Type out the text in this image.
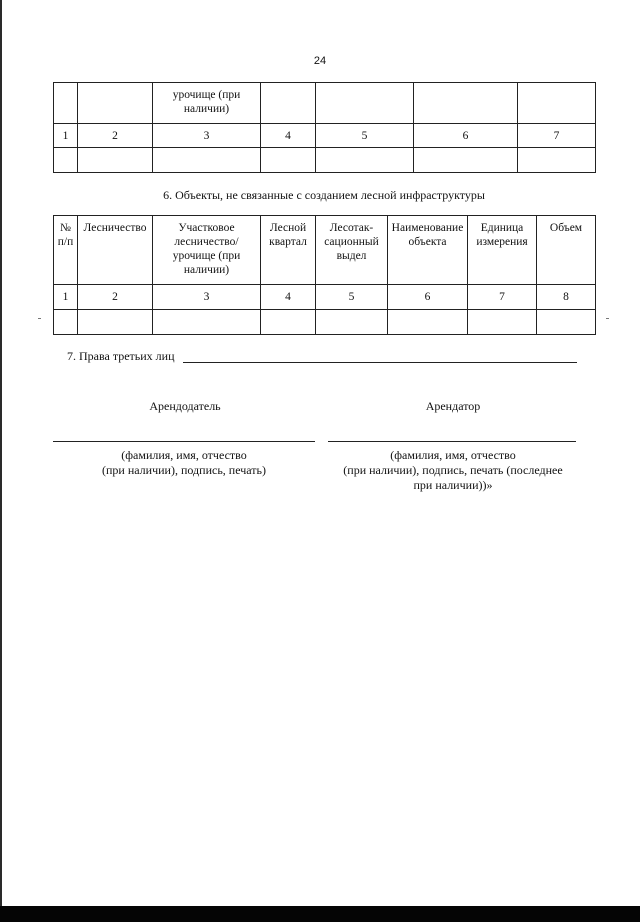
24
		урочище (при наличии)				
1	2	3	4	5	6	7

6. Объекты, не связанные с созданием лесной инфраструктуры
№ п/п	Лесничество	Участковое лесничество/ урочище (при наличии)	Лесной квартал	Лесотак-сационный выдел	Наименование объекта	Единица измерения	Объем
1	2	3	4	5	6	7	8

7. Права третьих лиц
Арендодатель	Арендатор
(фамилия, имя, отчество
(при наличии), подпись, печать)
(фамилия, имя, отчество
(при наличии), подпись, печать (последнее
при наличии))»
